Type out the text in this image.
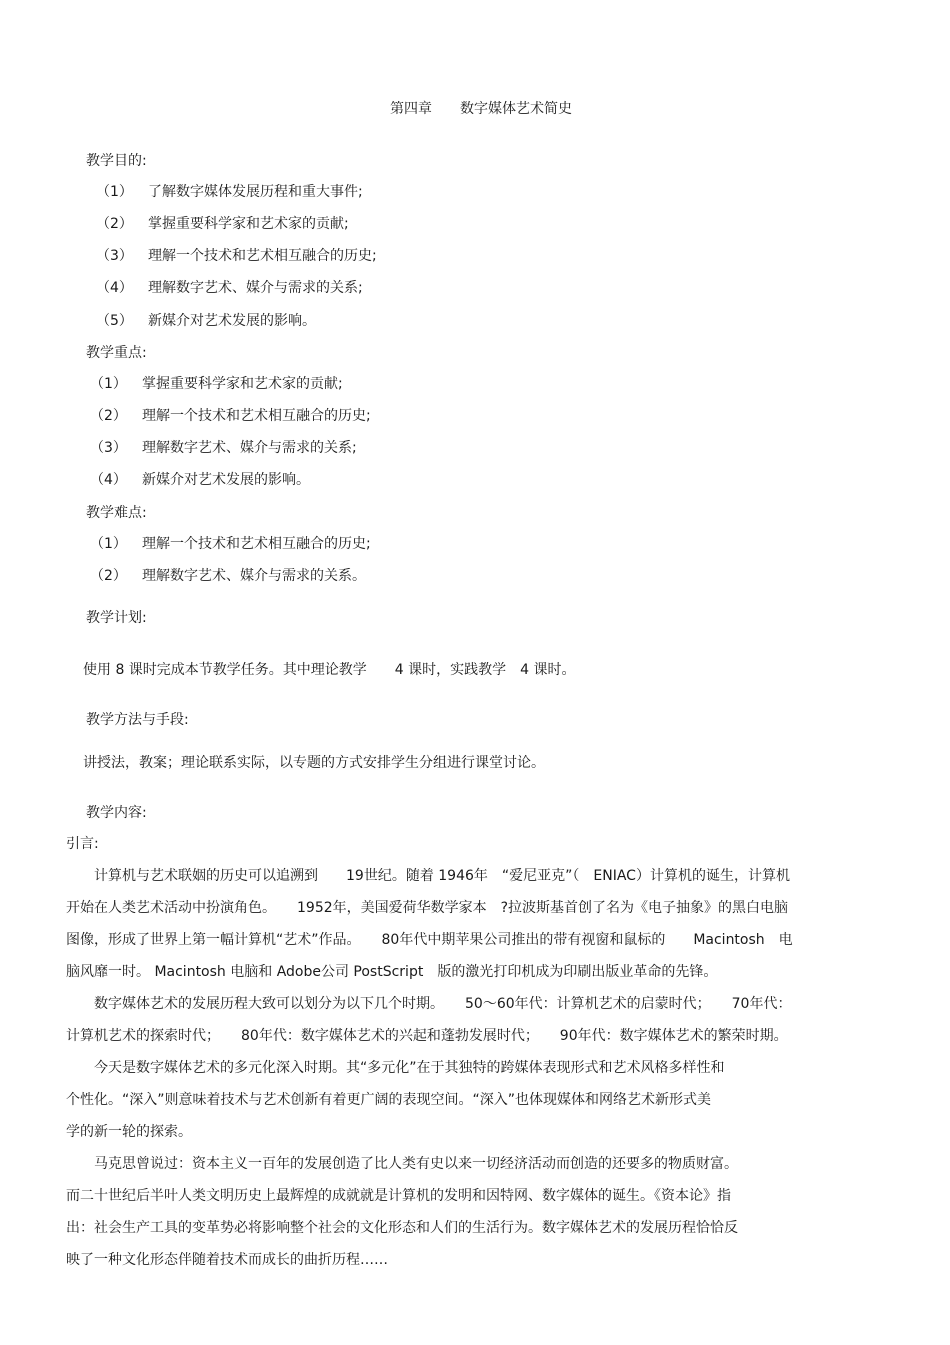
第四章　　数字媒体艺术简史
教学目的:
（1） 了解数字媒体发展历程和重大事件;
（2） 掌握重要科学家和艺术家的贡献;
（3） 理解一个技术和艺术相互融合的历史;
（4） 理解数字艺术、媒介与需求的关系;
（5） 新媒介对艺术发展的影响。
教学重点:
（1） 掌握重要科学家和艺术家的贡献;
（2） 理解一个技术和艺术相互融合的历史;
（3） 理解数字艺术、媒介与需求的关系;
（4） 新媒介对艺术发展的影响。
教学难点:
（1） 理解一个技术和艺术相互融合的历史;
（2） 理解数字艺术、媒介与需求的关系。
教学计划:
使用 8 课时完成本节教学任务。其中理论教学　　4 课时，实践教学　4 课时。
教学方法与手段:
讲授法，教案；理论联系实际，以专题的方式安排学生分组进行课堂讨论。
教学内容:
引言:
　　计算机与艺术联姻的历史可以追溯到　　19世纪。随着 1946年　“爱尼亚克”（　ENIAC）计算机的诞生，计算机
开始在人类艺术活动中扮演角色。　　1952年，美国爱荷华数学家本　?拉波斯基首创了名为《电子抽象》的黑白电脑
图像，形成了世界上第一幅计算机“艺术”作品。　　80年代中期苹果公司推出的带有视窗和鼠标的　　Macintosh　电
脑风靡一时。 Macintosh 电脑和 Adobe公司 PostScript　版的激光打印机成为印刷出版业革命的先锋。
　　数字媒体艺术的发展历程大致可以划分为以下几个时期。　　50～60年代：计算机艺术的启蒙时代；　　70年代：
计算机艺术的探索时代；　　80年代：数字媒体艺术的兴起和蓬勃发展时代；　　90年代：数字媒体艺术的繁荣时期。
　　今天是数字媒体艺术的多元化深入时期。其“多元化”在于其独特的跨媒体表现形式和艺术风格多样性和
个性化。“深入”则意味着技术与艺术创新有着更广阔的表现空间。“深入”也体现媒体和网络艺术新形式美
学的新一轮的探索。
　　马克思曾说过：资本主义一百年的发展创造了比人类有史以来一切经济活动而创造的还要多的物质财富。
而二十世纪后半叶人类文明历史上最辉煌的成就就是计算机的发明和因特网、数字媒体的诞生。《资本论》指
出：社会生产工具的变革势必将影响整个社会的文化形态和人们的生活行为。数字媒体艺术的发展历程恰恰反
映了一种文化形态伴随着技术而成长的曲折历程……
